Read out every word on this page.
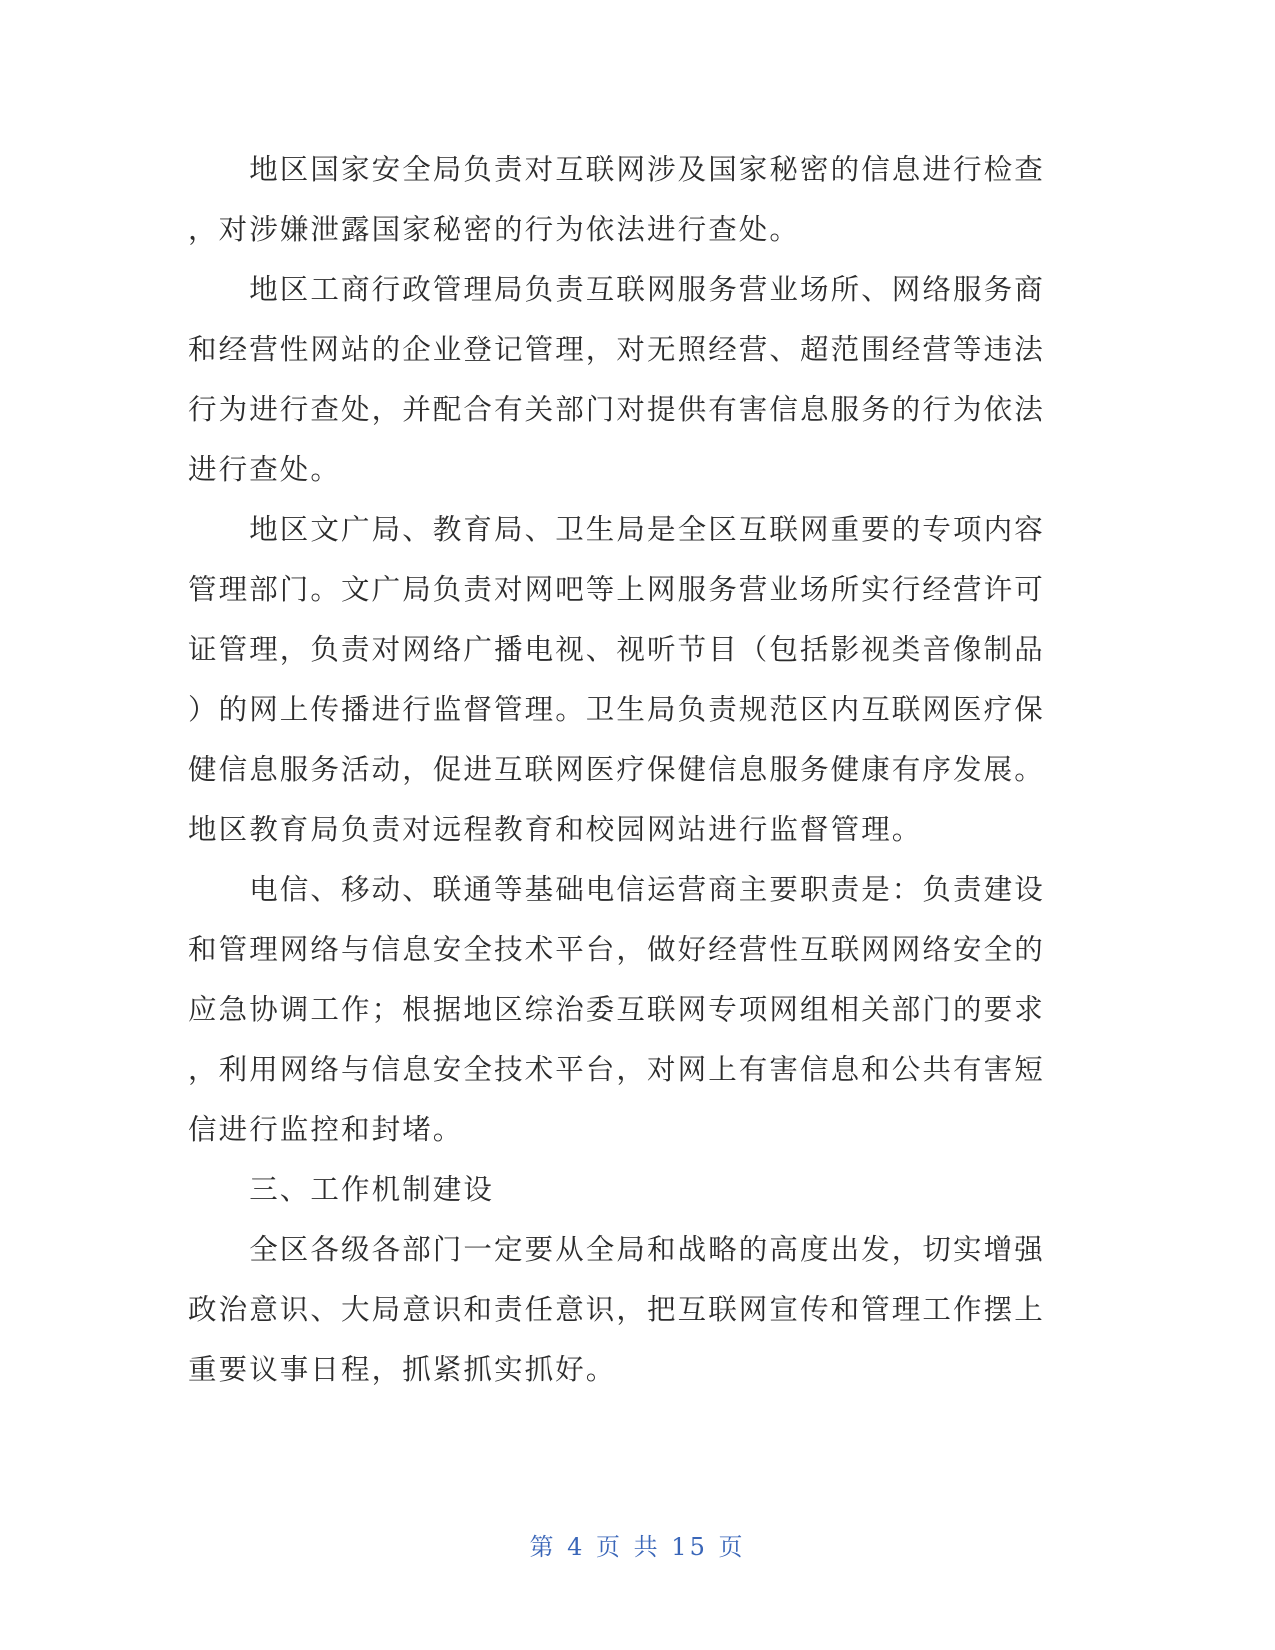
　　地区国家安全局负责对互联网涉及国家秘密的信息进行检查
，对涉嫌泄露国家秘密的行为依法进行查处。
　　地区工商行政管理局负责互联网服务营业场所、网络服务商
和经营性网站的企业登记管理，对无照经营、超范围经营等违法
行为进行查处，并配合有关部门对提供有害信息服务的行为依法
进行查处。
　　地区文广局、教育局、卫生局是全区互联网重要的专项内容
管理部门。文广局负责对网吧等上网服务营业场所实行经营许可
证管理，负责对网络广播电视、视听节目（包括影视类音像制品
）的网上传播进行监督管理。卫生局负责规范区内互联网医疗保
健信息服务活动，促进互联网医疗保健信息服务健康有序发展。
地区教育局负责对远程教育和校园网站进行监督管理。
　　电信、移动、联通等基础电信运营商主要职责是：负责建设
和管理网络与信息安全技术平台，做好经营性互联网网络安全的
应急协调工作；根据地区综治委互联网专项网组相关部门的要求
，利用网络与信息安全技术平台，对网上有害信息和公共有害短
信进行监控和封堵。
　　三、工作机制建设
　　全区各级各部门一定要从全局和战略的高度出发，切实增强
政治意识、大局意识和责任意识，把互联网宣传和管理工作摆上
重要议事日程，抓紧抓实抓好。
第 4 页 共 15 页
